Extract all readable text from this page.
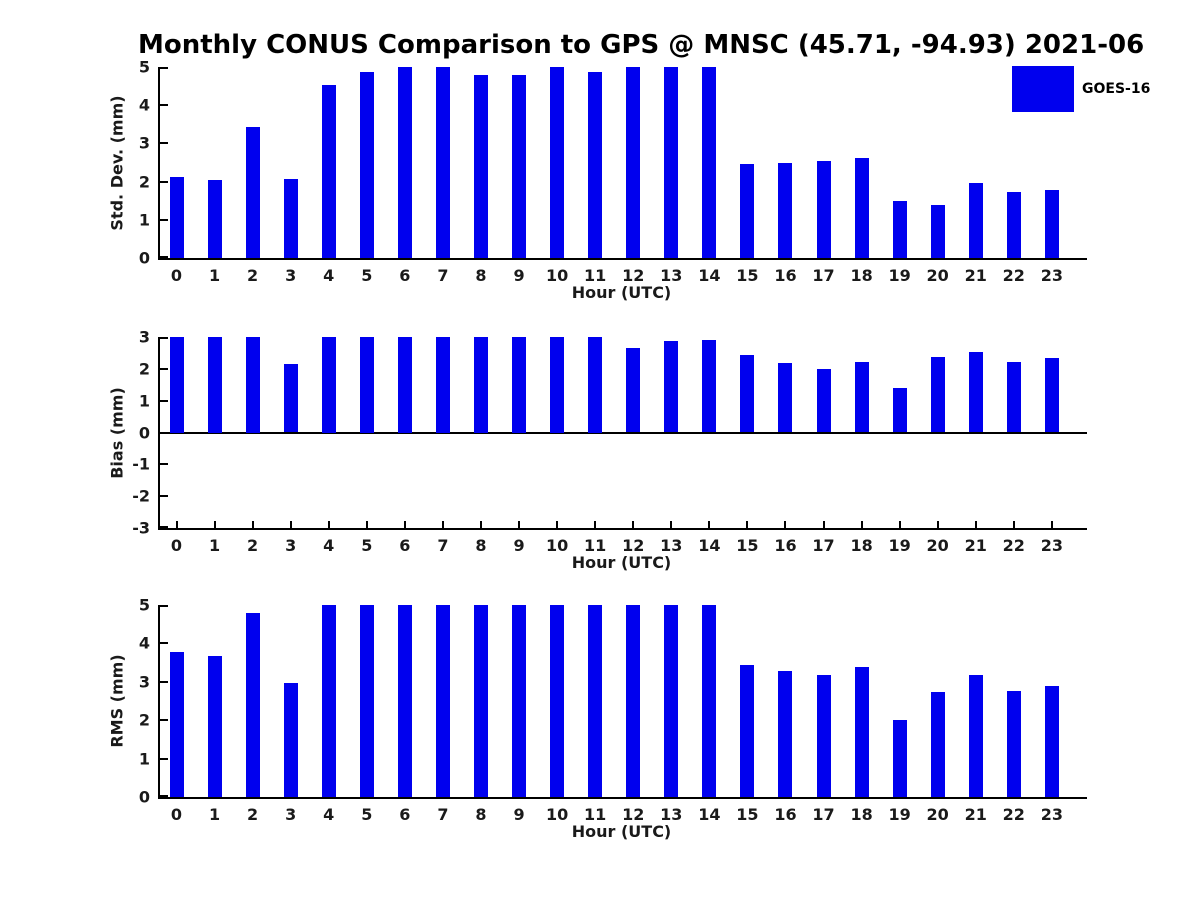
Monthly CONUS Comparison to GPS @ MNSC (45.71, -94.93) 2021-06
GOES-16
Std. Dev. (mm)
0
1
2
3
4
5
0	1	2	3	4	5	6	7	8	9	10 11 12 13 14 15 16 17 18 19 20 21 22 23
Hour (UTC)
Bias (mm)
-3
-2
-1
0
1
2
3
0	1	2	3	4	5	6	7	8	9	10 11 12 13 14 15 16 17 18 19 20 21 22 23
Hour (UTC)
RMS (mm)
0
1
2
3
4
5
0	1	2	3	4	5	6	7	8	9	10 11 12 13 14 15 16 17 18 19 20 21 22 23
Hour (UTC)
